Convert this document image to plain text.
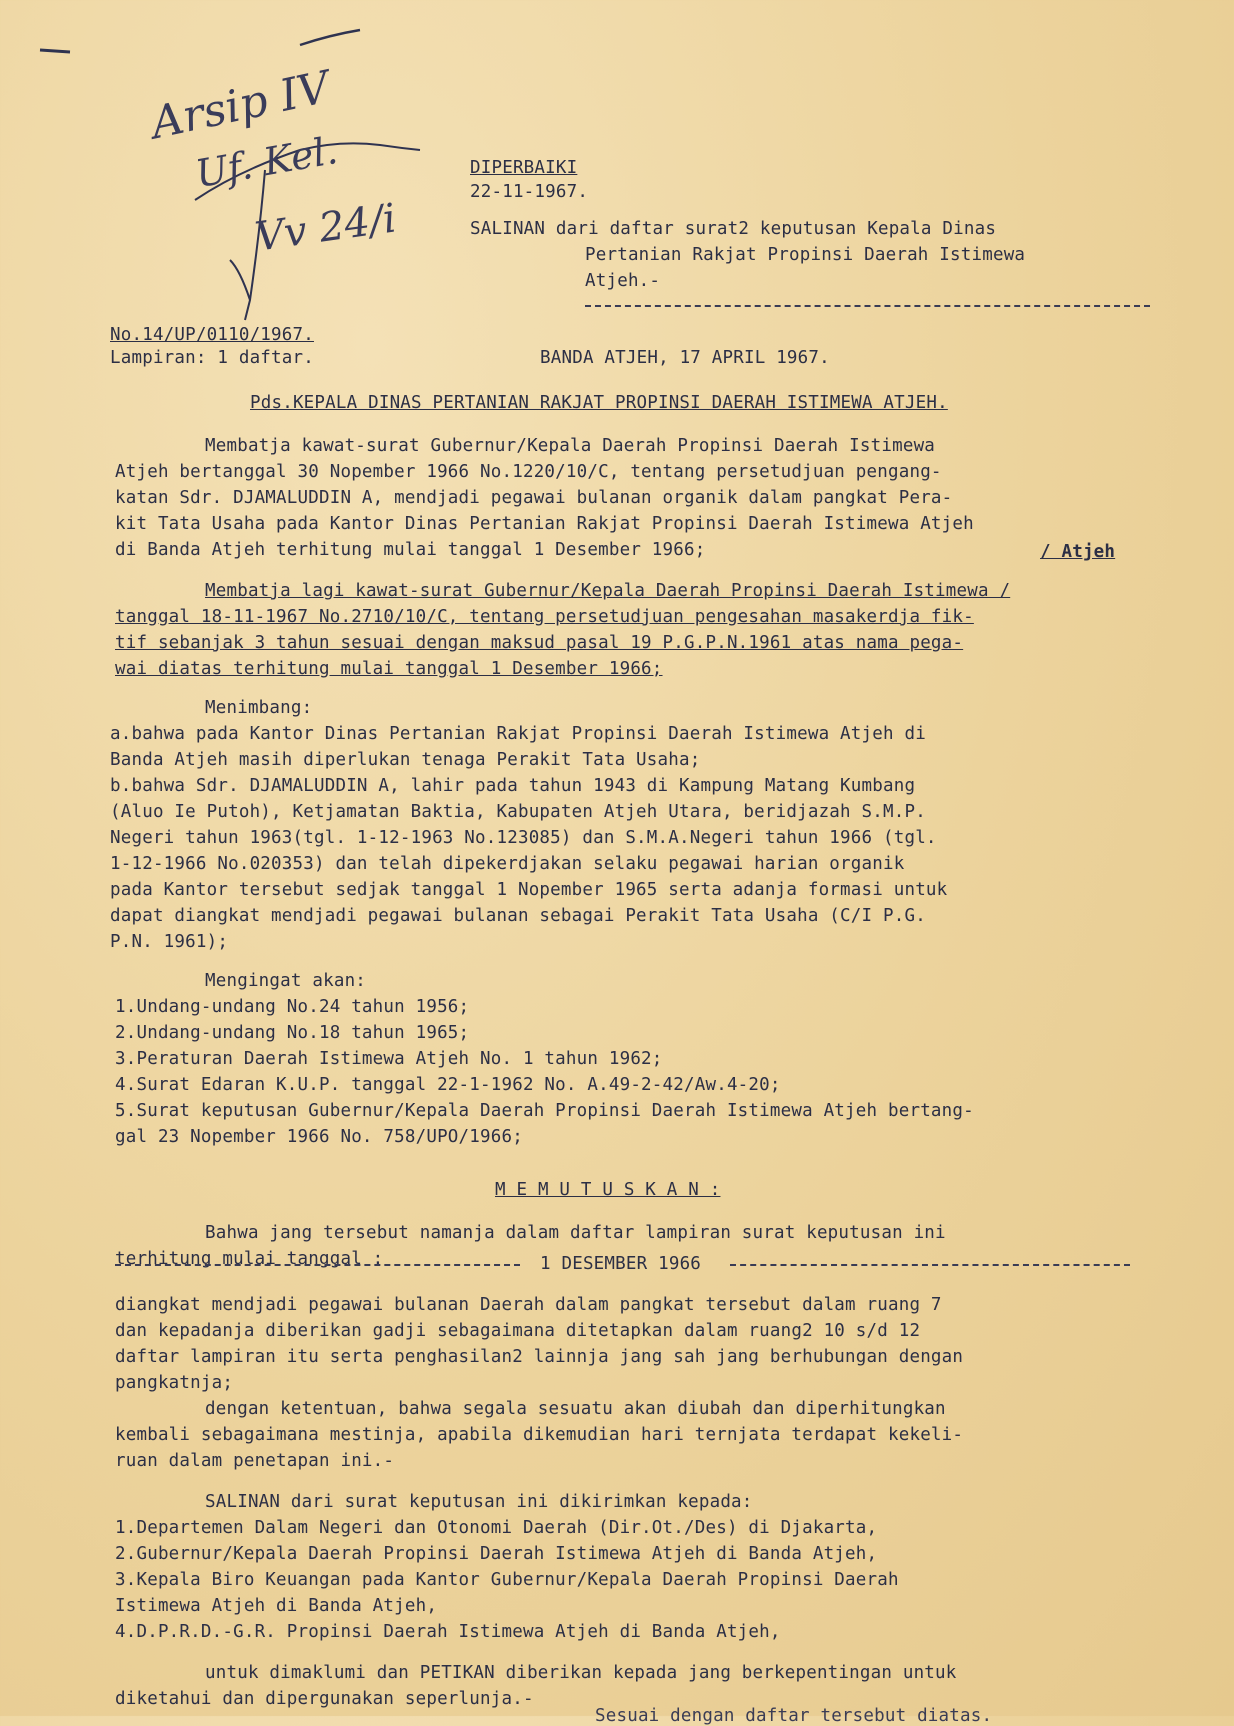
Arsip IV
Uf. Kel.
Vv 24/i
DIPERBAIKI
22-11-1967.
SALINAN dari daftar surat2 keputusan Kepala Dinas
Pertanian Rakjat Propinsi Daerah Istimewa
Atjeh.-
No.14/UP/0110/1967.
Lampiran: 1 daftar.	BANDA ATJEH, 17 APRIL 1967.
Pds.KEPALA DINAS PERTANIAN RAKJAT PROPINSI DAERAH ISTIMEWA ATJEH.
Membatja kawat-surat Gubernur/Kepala Daerah Propinsi Daerah Istimewa
Atjeh bertanggal 30 Nopember 1966 No.1220/10/C, tentang persetudjuan pengang-
katan Sdr. DJAMALUDDIN A, mendjadi pegawai bulanan organik dalam pangkat Pera-
kit Tata Usaha pada Kantor Dinas Pertanian Rakjat Propinsi Daerah Istimewa Atjeh
di Banda Atjeh terhitung mulai tanggal 1 Desember 1966;	/ Atjeh
Membatja lagi kawat-surat Gubernur/Kepala Daerah Propinsi Daerah Istimewa /
tanggal 18-11-1967 No.2710/10/C, tentang persetudjuan pengesahan masakerdja fik-
tif sebanjak 3 tahun sesuai dengan maksud pasal 19 P.G.P.N.1961 atas nama pega-
wai diatas terhitung mulai tanggal 1 Desember 1966;
Menimbang:
a.bahwa pada Kantor Dinas Pertanian Rakjat Propinsi Daerah Istimewa Atjeh di
Banda Atjeh masih diperlukan tenaga Perakit Tata Usaha;
b.bahwa Sdr. DJAMALUDDIN A, lahir pada tahun 1943 di Kampung Matang Kumbang
(Aluo Ie Putoh), Ketjamatan Baktia, Kabupaten Atjeh Utara, beridjazah S.M.P.
Negeri tahun 1963(tgl. 1-12-1963 No.123085) dan S.M.A.Negeri tahun 1966 (tgl.
1-12-1966 No.020353) dan telah dipekerdjakan selaku pegawai harian organik
pada Kantor tersebut sedjak tanggal 1 Nopember 1965 serta adanja formasi untuk
dapat diangkat mendjadi pegawai bulanan sebagai Perakit Tata Usaha (C/I P.G.
P.N. 1961);
Mengingat akan:
1.Undang-undang No.24 tahun 1956;
2.Undang-undang No.18 tahun 1965;
3.Peraturan Daerah Istimewa Atjeh No. 1 tahun 1962;
4.Surat Edaran K.U.P. tanggal 22-1-1962 No. A.49-2-42/Aw.4-20;
5.Surat keputusan Gubernur/Kepala Daerah Propinsi Daerah Istimewa Atjeh bertang-
gal 23 Nopember 1966 No. 758/UPO/1966;
M E M U T U S K A N :
Bahwa jang tersebut namanja dalam daftar lampiran surat keputusan ini
terhitung mulai tanggal :	1 DESEMBER 1966
diangkat mendjadi pegawai bulanan Daerah dalam pangkat tersebut dalam ruang 7
dan kepadanja diberikan gadji sebagaimana ditetapkan dalam ruang2 10 s/d 12
daftar lampiran itu serta penghasilan2 lainnja jang sah jang berhubungan dengan
pangkatnja;
dengan ketentuan, bahwa segala sesuatu akan diubah dan diperhitungkan
kembali sebagaimana mestinja, apabila dikemudian hari ternjata terdapat kekeli-
ruan dalam penetapan ini.-
SALINAN dari surat keputusan ini dikirimkan kepada:
1.Departemen Dalam Negeri dan Otonomi Daerah (Dir.Ot./Des) di Djakarta,
2.Gubernur/Kepala Daerah Propinsi Daerah Istimewa Atjeh di Banda Atjeh,
3.Kepala Biro Keuangan pada Kantor Gubernur/Kepala Daerah Propinsi Daerah
Istimewa Atjeh di Banda Atjeh,
4.D.P.R.D.-G.R. Propinsi Daerah Istimewa Atjeh di Banda Atjeh,
untuk dimaklumi dan PETIKAN diberikan kepada jang berkepentingan untuk
diketahui dan dipergunakan seperlunja.-
Sesuai dengan daftar tersebut diatas.
